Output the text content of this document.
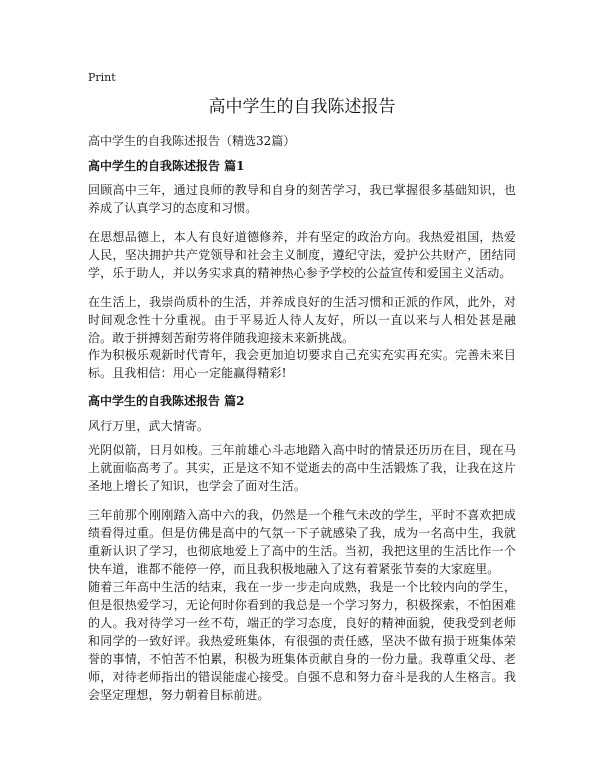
Print
高中学生的自我陈述报告
高中学生的自我陈述报告（精选32篇）
高中学生的自我陈述报告 篇1

回顾高中三年，通过良师的教导和自身的刻苦学习，我已掌握很多基础知识，也养成了认真学习的态度和习惯。

在思想品德上，本人有良好道德修养，并有坚定的政治方向。我热爱祖国，热爱人民，坚决拥护共产党领导和社会主义制度，遵纪守法，爱护公共财产，团结同学，乐于助人，并以务实求真的精神热心参予学校的公益宣传和爱国主义活动。

在生活上，我崇尚质朴的生活，并养成良好的生活习惯和正派的作风，此外，对时间观念性十分重视。由于平易近人待人友好，所以一直以来与人相处甚是融洽。敢于拼搏刻苦耐劳将伴随我迎接未来新挑战。

作为积极乐观新时代青年，我会更加迫切要求自己充实充实再充实。完善未来目标。且我相信：用心一定能赢得精彩!

高中学生的自我陈述报告 篇2

风行万里，武大情寄。

光阴似箭，日月如梭。三年前雄心斗志地踏入高中时的情景还历历在目，现在马上就面临高考了。其实，正是这不知不觉逝去的高中生活锻炼了我，让我在这片圣地上增长了知识，也学会了面对生活。

三年前那个刚刚踏入高中六的我，仍然是一个稚气未改的学生，平时不喜欢把成绩看得过重。但是仿佛是高中的气氛一下子就感染了我，成为一名高中生，我就重新认识了学习，也彻底地爱上了高中的生活。当初，我把这里的生活比作一个快车道，谁都不能停一停，而且我积极地融入了这有着紧张节奏的大家庭里。

随着三年高中生活的结束，我在一步一步走向成熟，我是一个比较内向的学生，但是很热爱学习，无论何时你看到的我总是一个学习努力，积极探索，不怕困难的人。我对待学习一丝不苟，端正的学习态度，良好的精神面貌，使我受到老师和同学的一致好评。我热爱班集体，有很强的责任感，坚决不做有损于班集体荣誉的事情，不怕苦不怕累，积极为班集体贡献自身的一份力量。我尊重父母、老师，对待老师指出的错误能虚心接受。自强不息和努力奋斗是我的人生格言。我会坚定理想，努力朝着目标前进。
